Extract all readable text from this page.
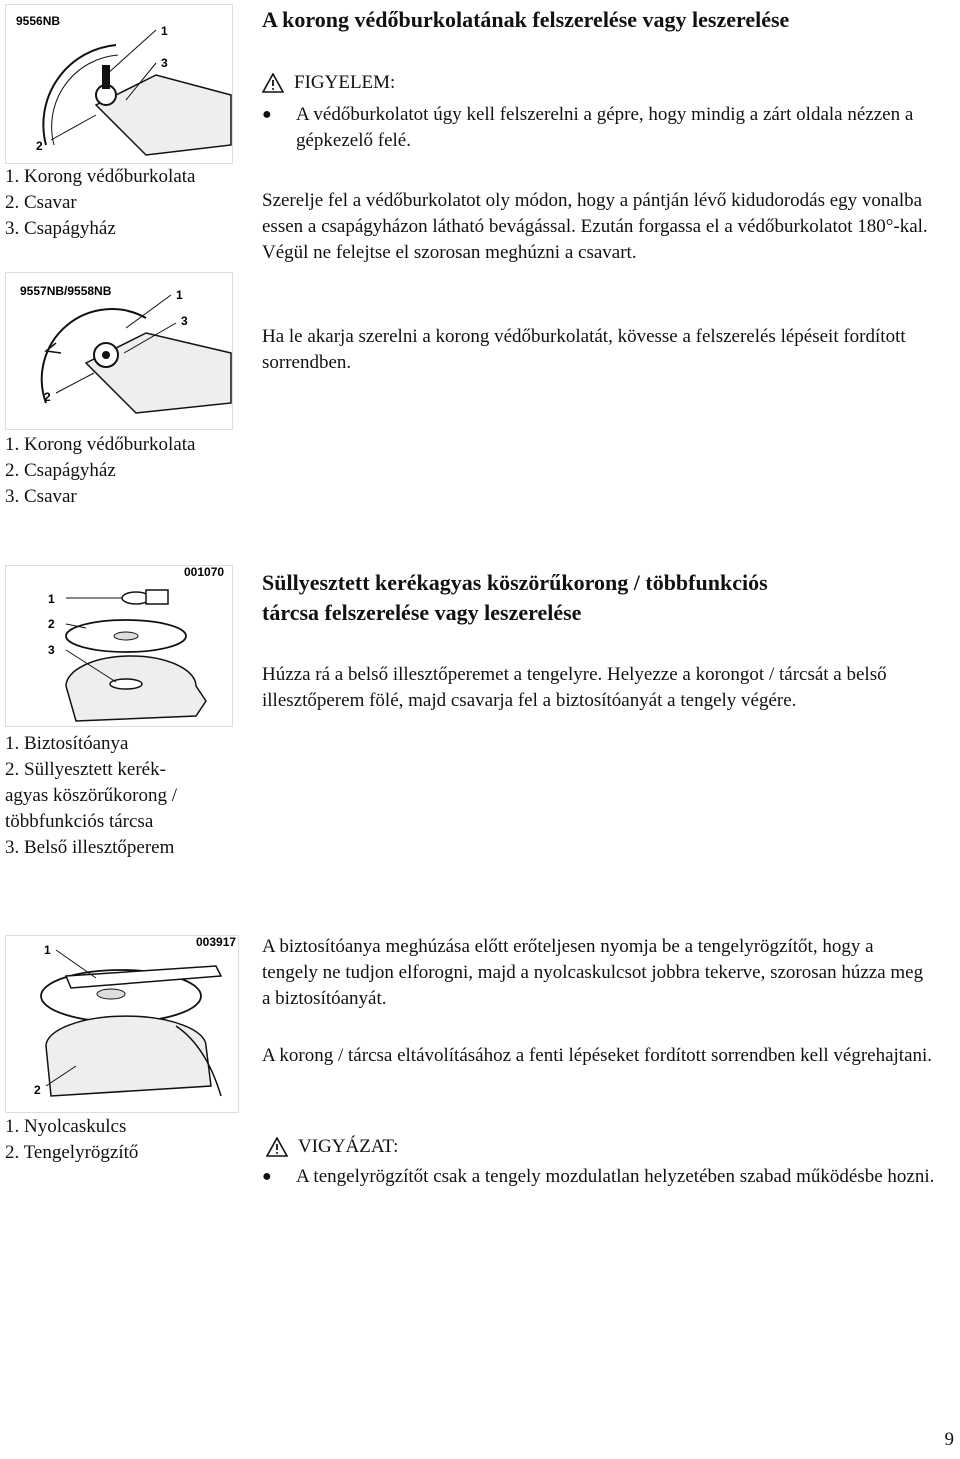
9556NB
1
3
2
1. Korong védőburkolata
2. Csavar
3. Csapágyház
9557NB/9558NB	1
3
2
1. Korong védőburkolata
2. Csapágyház
3. Csavar
A korong védőburkolatának felszerelése vagy leszerelése
FIGYELEM:
●	A védőburkolatot úgy kell felszerelni a gépre, hogy mindig a zárt oldala nézzen a gépkezelő felé.

Szerelje fel a védőburkolatot oly módon, hogy a pántján lévő kidudorodás egy vonalba essen a csapágyházon látható bevágással. Ezután forgassa el a védőburkolatot 180°-kal. Végül ne felejtse el szorosan meghúzni a csavart.

Ha le akarja szerelni a korong védőburkolatát, kövesse a felszerelés lépéseit fordított sorrendben.

001070
1
2
3
1. Biztosítóanya
2. Süllyesztett kerék-
agyas köszörűkorong /
többfunkciós tárcsa
3. Belső illesztőperem
Süllyesztett kerékagyas köszörűkorong / többfunkciós
tárcsa felszerelése vagy leszerelése

Húzza rá a belső illesztőperemet a tengelyre. Helyezze a korongot / tárcsát a belső illesztőperem fölé, majd csavarja fel a biztosítóanyát a tengely végére.

003917
1
2
1. Nyolcaskulcs
2. Tengelyrögzítő

A biztosítóanya meghúzása előtt erőteljesen nyomja be a tengelyrögzítőt, hogy a tengely ne tudjon elforogni, majd a nyolcaskulcsot jobbra tekerve, szorosan húzza meg a biztosítóanyát.

A korong / tárcsa eltávolításához a fenti lépéseket fordított sorrendben kell végrehajtani.

VIGYÁZAT:
●	A tengelyrögzítőt csak a tengely mozdulatlan helyzetében szabad működésbe hozni.
9
